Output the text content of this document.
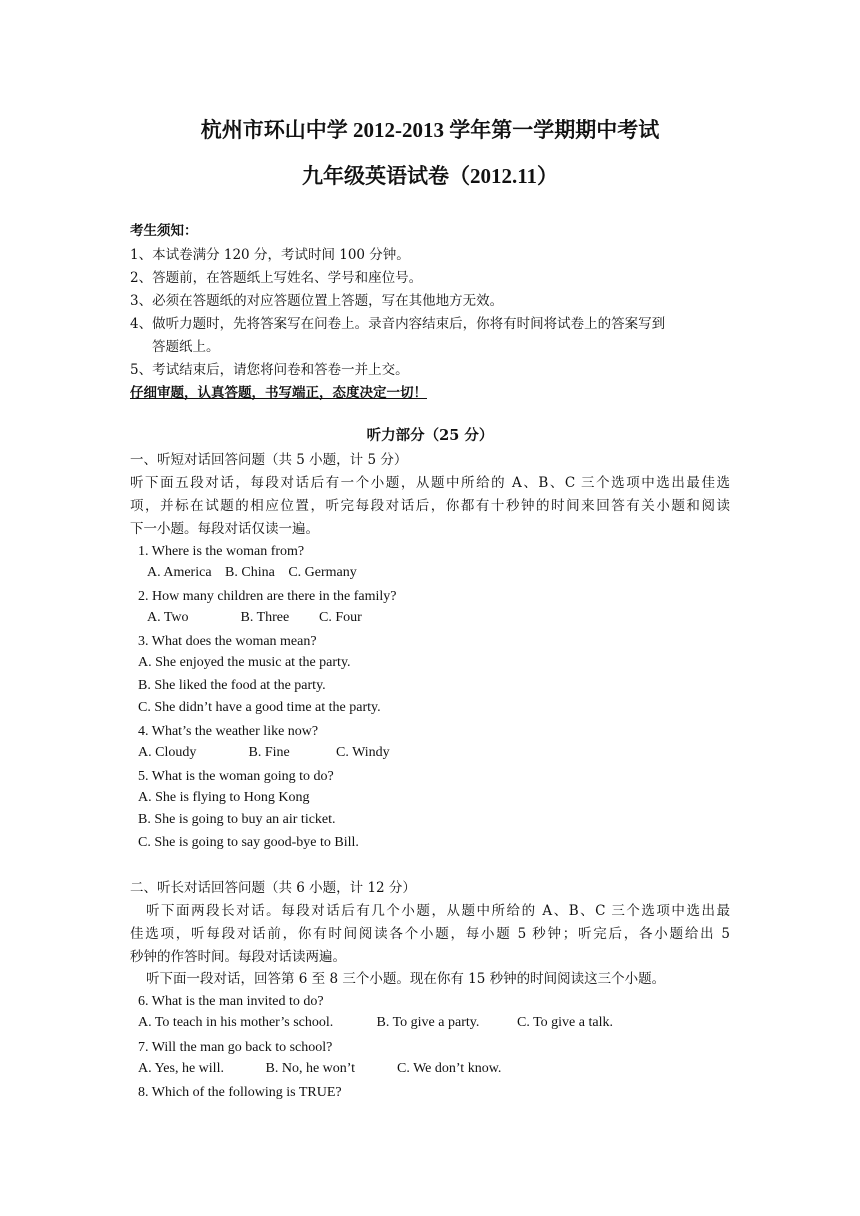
杭州市环山中学 2012-2013 学年第一学期期中考试
九年级英语试卷（2012.11）
考生须知：
1、本试卷满分 120 分，考试时间 100 分钟。
2、答题前，在答题纸上写姓名、学号和座位号。
3、必须在答题纸的对应答题位置上答题，写在其他地方无效。
4、做听力题时，先将答案写在问卷上。录音内容结束后，你将有时间将试卷上的答案写到
答题纸上。
5、考试结束后，请您将问卷和答卷一并上交。
仔细审题，认真答题，书写端正，态度决定一切！
听力部分（25 分）
一、听短对话回答问题（共 5 小题，计 5 分）
听下面五段对话，每段对话后有一个小题，从题中所给的 A、B、C 三个选项中选出最佳选
项，并标在试题的相应位置，听完每段对话后，你都有十秒钟的时间来回答有关小题和阅读
下一小题。每段对话仅读一遍。
1. Where is the woman from?
A. America B. China C. Germany
2. How many children are there in the family?
A. Two	B. Three C. Four
3. What does the woman mean?
A. She enjoyed the music at the party.
B. She liked the food at the party.
C. She didn’t have a good time at the party.
4. What’s the weather like now?
A. Cloudy	B. Fine	C. Windy
5. What is the woman going to do?
A. She is flying to Hong Kong
B. She is going to buy an air ticket.
C. She is going to say good-bye to Bill.
二、听长对话回答问题（共 6 小题，计 12 分）
听下面两段长对话。每段对话后有几个小题，从题中所给的 A、B、C 三个选项中选出最
佳选项，听每段对话前，你有时间阅读各个小题，每小题 5 秒钟；听完后，各小题给出 5
秒钟的作答时间。每段对话读两遍。
听下面一段对话，回答第 6 至 8 三个小题。现在你有 15 秒钟的时间阅读这三个小题。
6. What is the man invited to do?
A. To teach in his mother’s school.	B. To give a party.	C. To give a talk.
7. Will the man go back to school?
A. Yes, he will.	B. No, he won’t	C. We don’t know.
8. Which of the following is TRUE?
